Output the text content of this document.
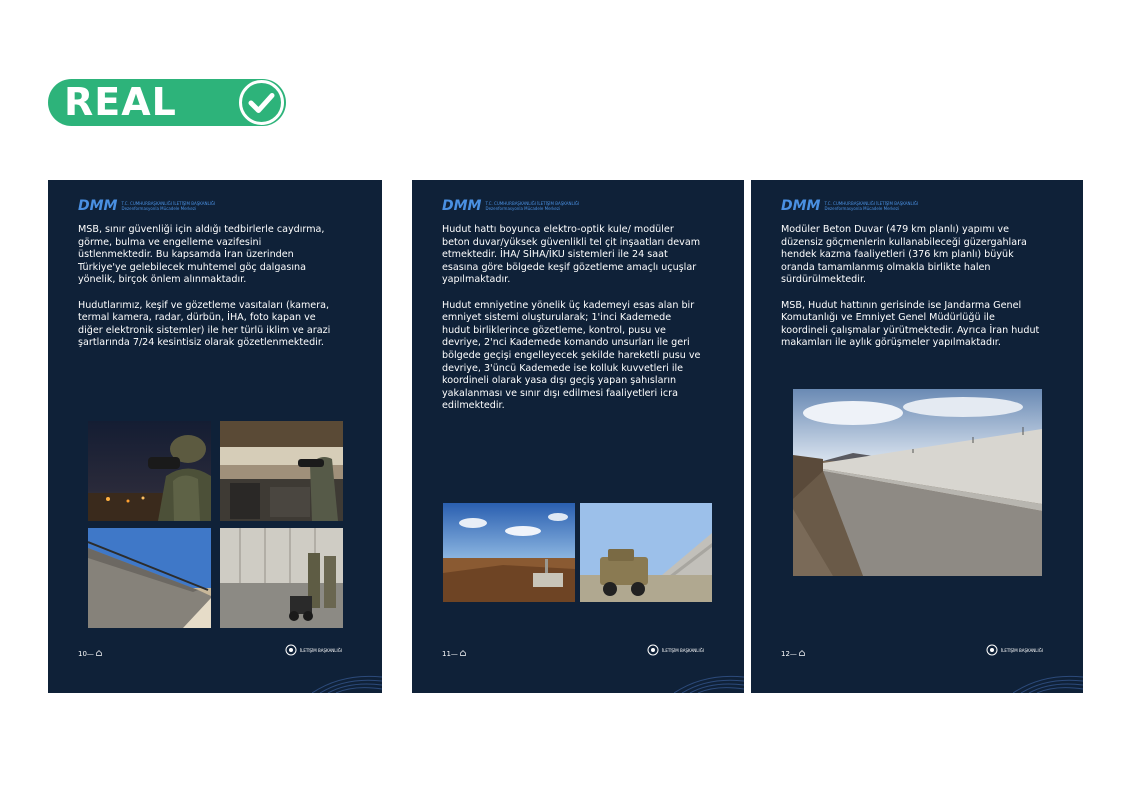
REAL
DMM T.C. CUMHURBAŞKANLIĞI İLETİŞİM BAŞKANLIĞI
Dezenformasyonla Mücadele Merkezi

MSB, sınır güvenliği için aldığı tedbirlerle caydırma, görme, bulma ve engelleme vazifesini üstlenmektedir. Bu kapsamda İran üzerinden Türkiye'ye gelebilecek muhtemel göç dalgasına yönelik, birçok önlem alınmaktadır.

Hudutlarımız, keşif ve gözetleme vasıtaları (kamera, termal kamera, radar, dürbün, İHA, foto kapan ve diğer elektronik sistemler) ile her türlü iklim ve arazi şartlarında 7/24 kesintisiz olarak gözetlenmektedir.

10—	İLETİŞİM BAŞKANLIĞI
DMM T.C. CUMHURBAŞKANLIĞI İLETİŞİM BAŞKANLIĞI
Dezenformasyonla Mücadele Merkezi

Hudut hattı boyunca elektro-optik kule/ modüler beton duvar/yüksek güvenlikli tel çit inşaatları devam etmektedir. İHA/ SİHA/İKU sistemleri ile 24 saat esasına göre bölgede keşif gözetleme amaçlı uçuşlar yapılmaktadır.

Hudut emniyetine yönelik üç kademeyi esas alan bir emniyet sistemi oluşturularak; 1'inci Kademede hudut birliklerince gözetleme, kontrol, pusu ve devriye, 2'nci Kademede komando unsurları ile geri bölgede geçişi engelleyecek şekilde hareketli pusu ve devriye, 3'üncü Kademede ise kolluk kuvvetleri ile koordineli olarak yasa dışı geçiş yapan şahısların yakalanması ve sınır dışı edilmesi faaliyetleri icra edilmektedir.

11—	İLETİŞİM BAŞKANLIĞI
DMM T.C. CUMHURBAŞKANLIĞI İLETİŞİM BAŞKANLIĞI
Dezenformasyonla Mücadele Merkezi

Modüler Beton Duvar (479 km planlı) yapımı ve düzensiz göçmenlerin kullanabileceği güzergahlara hendek kazma faaliyetleri (376 km planlı) büyük oranda tamamlanmış olmakla birlikte halen sürdürülmektedir.

MSB, Hudut hattının gerisinde ise Jandarma Genel Komutanlığı ve Emniyet Genel Müdürlüğü ile koordineli çalışmalar yürütmektedir. Ayrıca İran hudut makamları ile aylık görüşmeler yapılmaktadır.

12—	İLETİŞİM BAŞKANLIĞI
